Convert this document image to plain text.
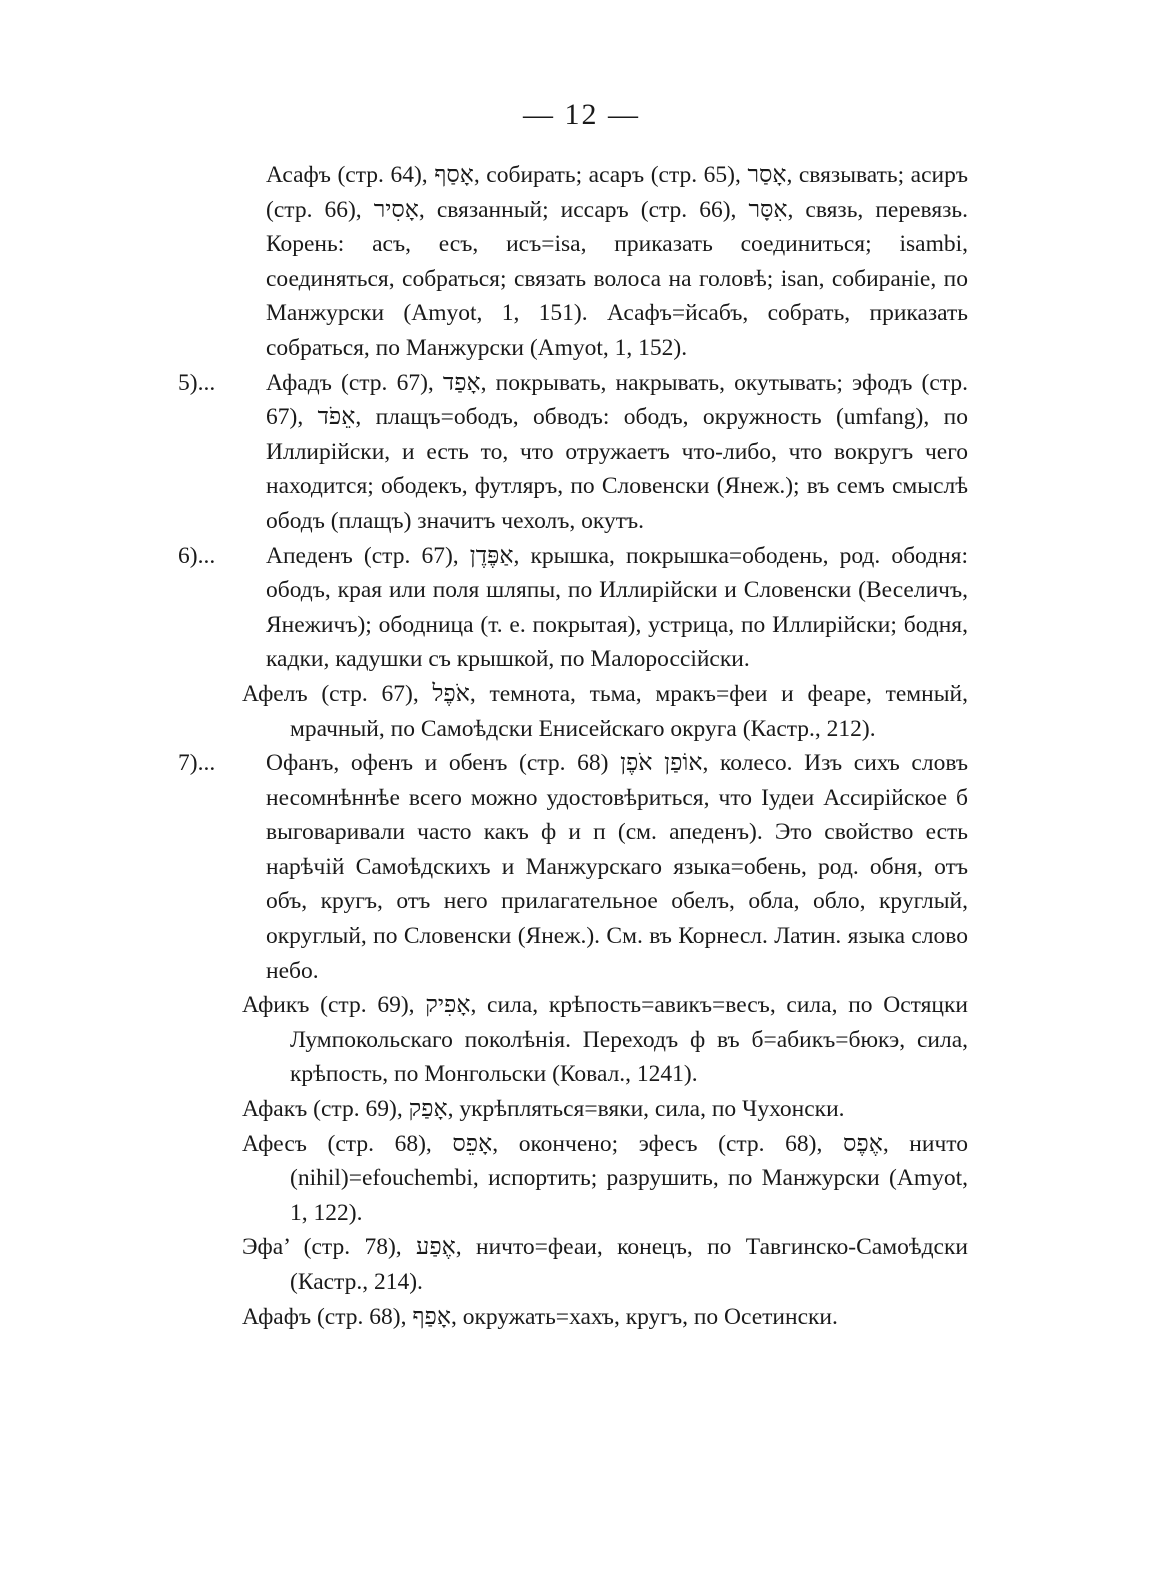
— 12 —
Асафъ (стр. 64), אָסַף, собирать; асаръ (стр. 65), אָסַר, связывать; асиръ (стр. 66), אָסִיר, связанный; иссаръ (стр. 66), אִסָּר, связь, перевязь. Корень: асъ, есъ, исъ=isa, приказать соединиться; isambi, соединяться, собраться; связать волоса на головѣ; isan, собираніе, по Манжурски (Amyot, 1, 151). Асафъ=йсабъ, собрать, приказать собраться, по Манжурски (Amyot, 1, 152).
5)...	Афадъ (стр. 67), אָפַד, покрывать, накрывать, окутывать; эфодъ (стр. 67), אֵפֹד, плащъ=ободъ, обводъ: ободъ, окружность (umfang), по Иллирійски, и есть то, что отружаетъ что-либо, что вокругъ чего находится; ободекъ, футляръ, по Словенски (Янеж.); въ семъ смыслѣ ободъ (плащъ) значитъ чехолъ, окутъ.
6)...	Апеденъ (стр. 67), אַפֶּדֶן, крышка, покрышка=ободень, род. ободня: ободъ, края или поля шляпы, по Иллирійски и Словенски (Веселичъ, Янежичъ); ободница (т. е. покрытая), устрица, по Иллирійски; бодня, кадки, кадушки съ крышкой, по Малороссійски.
Афелъ (стр. 67), אֹפֶל, темнота, тьма, мракъ=феи и феаре, темный, мрачный, по Самоѣдски Енисейскаго округа (Кастр., 212).
7)...	Офанъ, офенъ и обенъ (стр. 68) אוֹפַן אֹפֶן, колесо. Изъ сихъ словъ несомнѣннѣе всего можно удостовѣриться, что Іудеи Ассирійское б выговаривали часто какъ ф и п (см. апеденъ). Это свойство есть нарѣчій Самоѣдскихъ и Манжурскаго языка=обень, род. обня, отъ объ, кругъ, отъ него прилагательное обелъ, обла, обло, круглый, округлый, по Словенски (Янеж.). См. въ Корнесл. Латин. языка слово небо.
Афикъ (стр. 69), אָפִיק, сила, крѣпость=авикъ=весъ, сила, по Остяцки Лумпокольскаго поколѣнія. Переходъ ф въ б=абикъ=бюкэ, сила, крѣпость, по Монгольски (Ковал., 1241).
Афакъ (стр. 69), אָפַק, укрѣпляться=вяки, сила, по Чухонски.
Афесъ (стр. 68), אָפֵס, окончено; эфесъ (стр. 68), אֶפֶס, ничто (nihil)=efouchembi, испортить; разрушить, по Манжурски (Amyot, 1, 122).
Эфа’ (стр. 78), אֶפַע, ничто=феаи, конецъ, по Тавгинско-Самоѣдски (Кастр., 214).
Афафъ (стр. 68), אָפַף, окружать=хахъ, кругъ, по Осетински.
